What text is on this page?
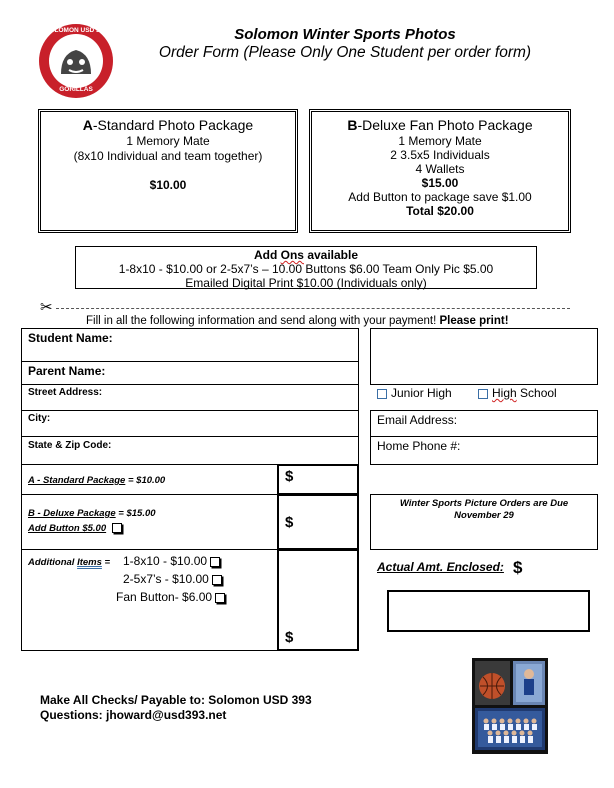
SOLOMON USD 393
GORILLAS
Solomon Winter Sports Photos
Order Form (Please Only One Student per order form)
A-Standard Photo Package
1 Memory Mate
(8x10 Individual and team together)
$10.00
B-Deluxe Fan Photo Package
1 Memory Mate
2 3.5x5 Individuals
4 Wallets
$15.00
Add Button to package save $1.00
Total $20.00
Add Ons available
1-8x10 - $10.00 or 2-5x7’s – 10.00 Buttons $6.00 Team Only Pic $5.00
Emailed Digital Print $10.00 (Individuals only)
✂
Fill in all the following information and send along with your payment! Please print!
Student Name:
Parent Name:
Street Address:
City:
State & Zip Code:
A - Standard Package = $10.00	$
B - Deluxe Package = $15.00
Add Button $5.00	$
Additional Items = 1-8x10 - $10.00
2-5x7’s - $10.00
Fan Button- $6.00
$
Junior High	High School
Email Address:
Home Phone #:
Winter Sports Picture Orders are Due November 29
Actual Amt. Enclosed: $
Make All Checks/ Payable to: Solomon USD 393
Questions: jhoward@usd393.net
